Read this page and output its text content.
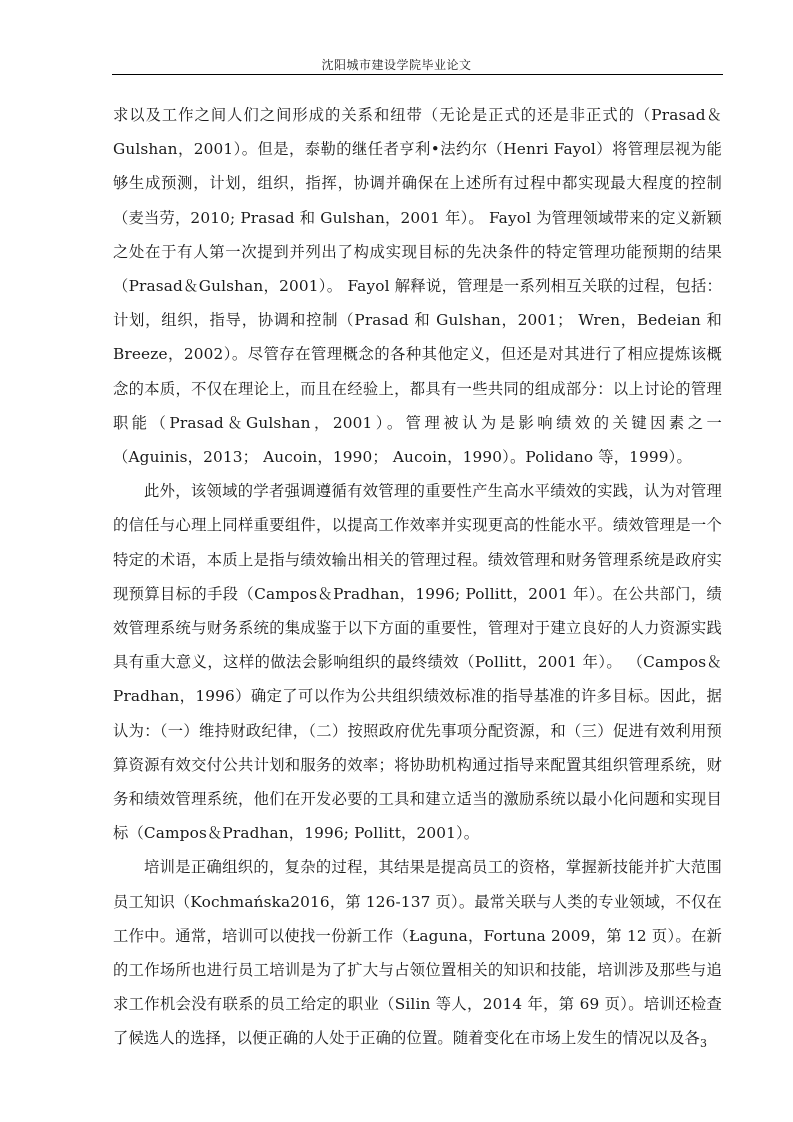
沈阳城市建设学院毕业论文

求以及工作之间人们之间形成的关系和纽带（无论是正式的还是非正式的（Prasad＆Gulshan，2001）。但是，泰勒的继任者亨利•法约尔（Henri Fayol）将管理层视为能够生成预测，计划，组织，指挥，协调并确保在上述所有过程中都实现最大程度的控制（麦当劳，2010; Prasad 和 Gulshan，2001 年）。 Fayol 为管理领域带来的定义新颖之处在于有人第一次提到并列出了构成实现目标的先决条件的特定管理功能预期的结果（Prasad＆Gulshan，2001）。 Fayol 解释说，管理是一系列相互关联的过程，包括：计划，组织，指导，协调和控制（Prasad 和 Gulshan，2001； Wren，Bedeian 和 Breeze，2002）。尽管存在管理概念的各种其他定义，但还是对其进行了相应提炼该概念的本质，不仅在理论上，而且在经验上，都具有一些共同的组成部分：以上讨论的管理职能（Prasad＆Gulshan，2001）。管理被认为是影响绩效的关键因素之一（Aguinis，2013； Aucoin，1990； Aucoin，1990）。Polidano 等，1999）。

此外，该领域的学者强调遵循有效管理的重要性产生高水平绩效的实践，认为对管理的信任与心理上同样重要组件，以提高工作效率并实现更高的性能水平。绩效管理是一个特定的术语，本质上是指与绩效输出相关的管理过程。绩效管理和财务管理系统是政府实现预算目标的手段（Campos＆Pradhan，1996; Pollitt，2001 年）。在公共部门，绩效管理系统与财务系统的集成鉴于以下方面的重要性，管理对于建立良好的人力资源实践具有重大意义，这样的做法会影响组织的最终绩效（Pollitt，2001 年）。 （Campos＆Pradhan，1996）确定了可以作为公共组织绩效标准的指导基准的许多目标。因此，据认为：（一）维持财政纪律，（二）按照政府优先事项分配资源，和（三）促进有效利用预算资源有效交付公共计划和服务的效率；将协助机构通过指导来配置其组织管理系统，财务和绩效管理系统，他们在开发必要的工具和建立适当的激励系统以最小化问题和实现目标（Campos＆Pradhan，1996; Pollitt，2001）。

培训是正确组织的，复杂的过程，其结果是提高员工的资格，掌握新技能并扩大范围员工知识（Kochmańska2016，第 126-137 页）。最常关联与人类的专业领域，不仅在工作中。通常，培训可以使找一份新工作（Łaguna，Fortuna 2009，第 12 页）。在新的工作场所也进行员工培训是为了扩大与占领位置相关的知识和技能，培训涉及那些与追求工作机会没有联系的员工给定的职业（Silin 等人，2014 年，第 69 页）。培训还检查了候选人的选择，以便正确的人处于正确的位置。随着变化在市场上发生的情况以及各 3
